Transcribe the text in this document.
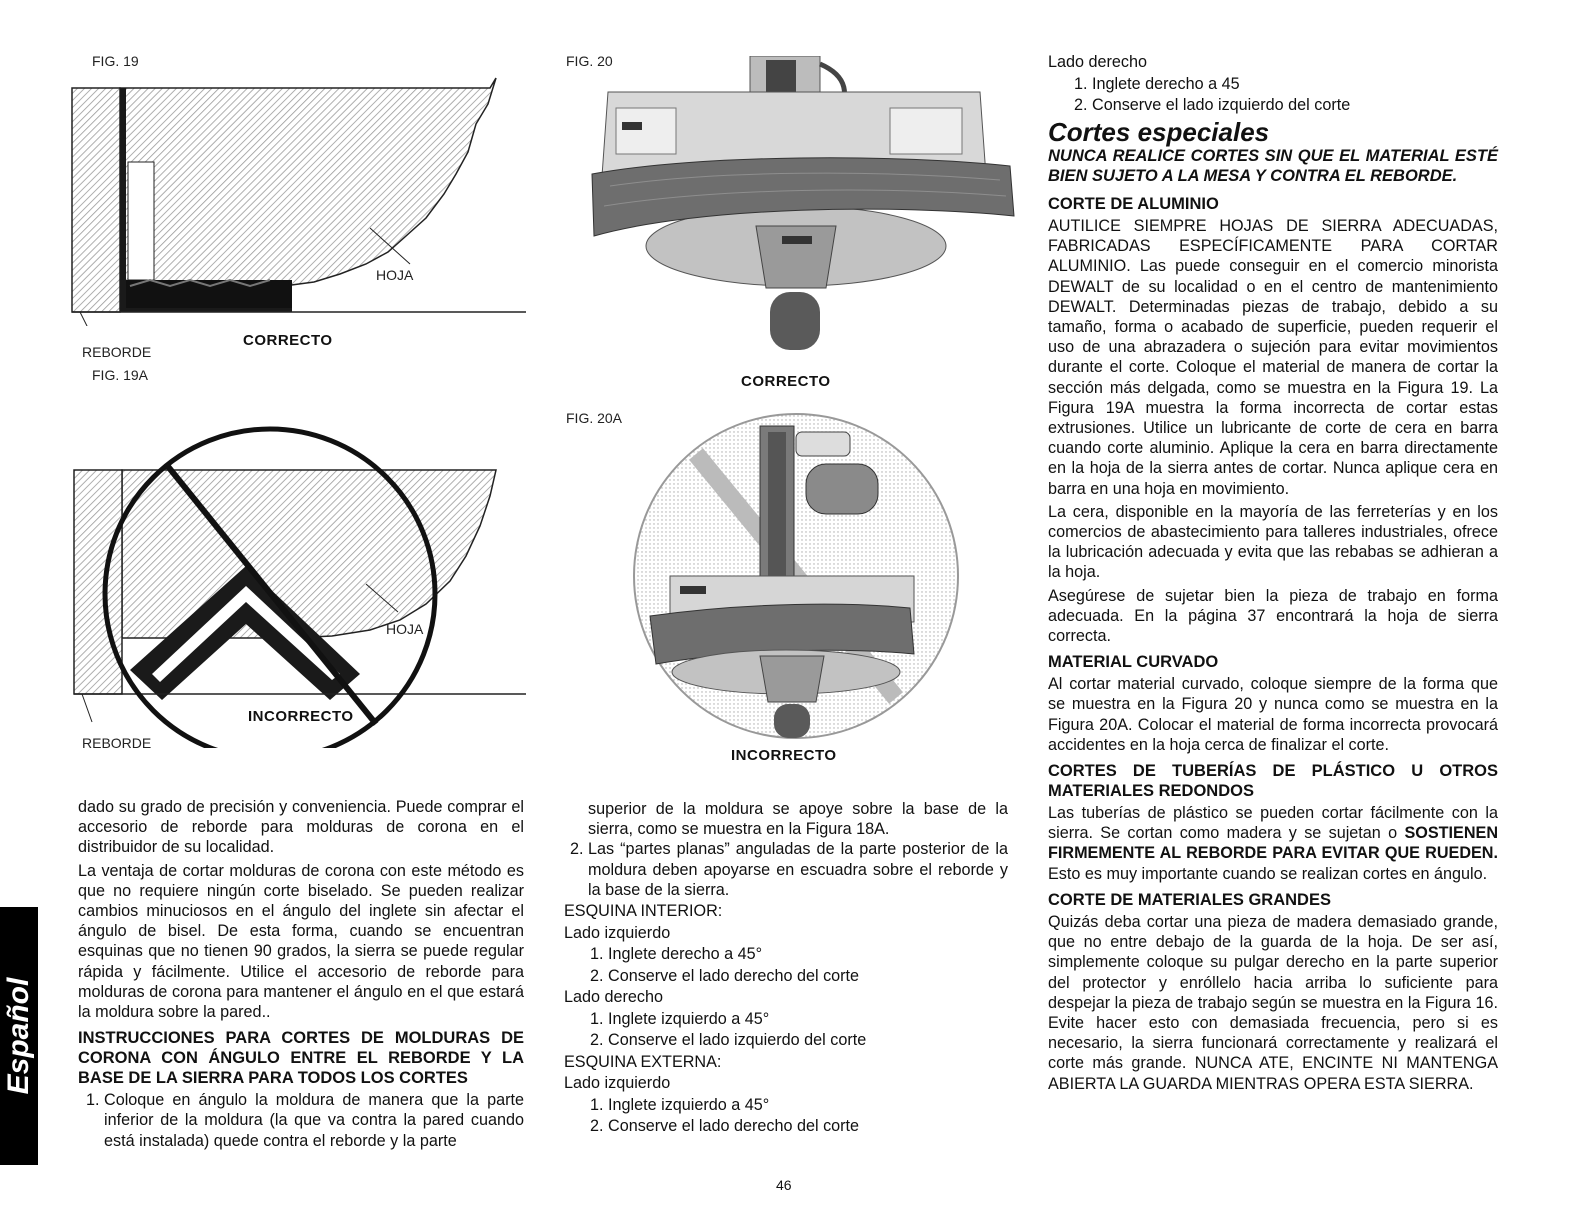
FIG. 19
HOJA
CORRECTO
REBORDE
FIG. 19A
HOJA
INCORRECTO
REBORDE
FIG. 20
CORRECTO
FIG. 20A
INCORRECTO

dado su grado de precisión y conveniencia. Puede comprar el accesorio de reborde para molduras de corona en el distribuidor de su localidad.

La ventaja de cortar molduras de corona con este método es que no requiere ningún corte biselado. Se pueden realizar cambios minuciosos en el ángulo del inglete sin afectar el ángulo de bisel. De esta forma, cuando se encuentran esquinas que no tienen 90 grados, la sierra se puede regular rápida y fácilmente. Utilice el accesorio de reborde para molduras de corona para mantener el ángulo en el que estará la moldura sobre la pared..

INSTRUCCIONES PARA CORTES DE MOLDURAS DE CORONA CON ÁNGULO ENTRE EL REBORDE Y LA BASE DE LA SIERRA PARA TODOS LOS CORTES
1. Coloque en ángulo la moldura de manera que la parte inferior de la moldura (la que va contra la pared cuando está instalada) quede contra el reborde y la parte
superior de la moldura se apoye sobre la base de la sierra, como se muestra en la Figura 18A.
2. Las “partes planas” anguladas de la parte posterior de la moldura deben apoyarse en escuadra sobre el reborde y la base de la sierra.
ESQUINA INTERIOR:
Lado izquierdo
1. Inglete derecho a 45°
2. Conserve el lado derecho del corte
Lado derecho
1. Inglete izquierdo a 45°
2. Conserve el lado izquierdo del corte
ESQUINA EXTERNA:
Lado izquierdo
1. Inglete izquierdo a 45°
2. Conserve el lado derecho del corte
Lado derecho
1. Inglete derecho a 45
2. Conserve el lado izquierdo del corte
Cortes especiales
NUNCA REALICE CORTES SIN QUE EL MATERIAL ESTÉ BIEN SUJETO A LA MESA Y CONTRA EL REBORDE.
CORTE DE ALUMINIO

AUTILICE SIEMPRE HOJAS DE SIERRA ADECUADAS, FABRICADAS ESPECÍFICAMENTE PARA CORTAR ALUMINIO. Las puede conseguir en el comercio minorista DEWALT de su localidad o en el centro de mantenimiento DEWALT. Determinadas piezas de trabajo, debido a su tamaño, forma o acabado de superficie, pueden requerir el uso de una abrazadera o sujeción para evitar movimientos durante el corte. Coloque el material de manera de cortar la sección más delgada, como se muestra en la Figura 19. La Figura 19A muestra la forma incorrecta de cortar estas extrusiones. Utilice un lubricante de corte de cera en barra cuando corte aluminio. Aplique la cera en barra directamente en la hoja de la sierra antes de cortar. Nunca aplique cera en barra en una hoja en movimiento.

La cera, disponible en la mayoría de las ferreterías y en los comercios de abastecimiento para talleres industriales, ofrece la lubricación adecuada y evita que las rebabas se adhieran a la hoja.

Asegúrese de sujetar bien la pieza de trabajo en forma adecuada. En la página 37 encontrará la hoja de sierra correcta.

MATERIAL CURVADO

Al cortar material curvado, coloque siempre de la forma que se muestra en la Figura 20 y nunca como se muestra en la Figura 20A. Colocar el material de forma incorrecta provocará accidentes en la hoja cerca de finalizar el corte.

CORTES DE TUBERÍAS DE PLÁSTICO U OTROS MATERIALES REDONDOS

Las tuberías de plástico se pueden cortar fácilmente con la sierra. Se cortan como madera y se sujetan o SOSTIENEN FIRMEMENTE AL REBORDE PARA EVITAR QUE RUEDEN. Esto es muy importante cuando se realizan cortes en ángulo.

CORTE DE MATERIALES GRANDES

Quizás deba cortar una pieza de madera demasiado grande, que no entre debajo de la guarda de la hoja. De ser así, simplemente coloque su pulgar derecho en la parte superior del protector y enróllelo hacia arriba lo suficiente para despejar la pieza de trabajo según se muestra en la Figura 16. Evite hacer esto con demasiada frecuencia, pero si es necesario, la sierra funcionará correctamente y realizará el corte más grande. NUNCA ATE, ENCINTE NI MANTENGA ABIERTA LA GUARDA MIENTRAS OPERA ESTA SIERRA.

Español
46
